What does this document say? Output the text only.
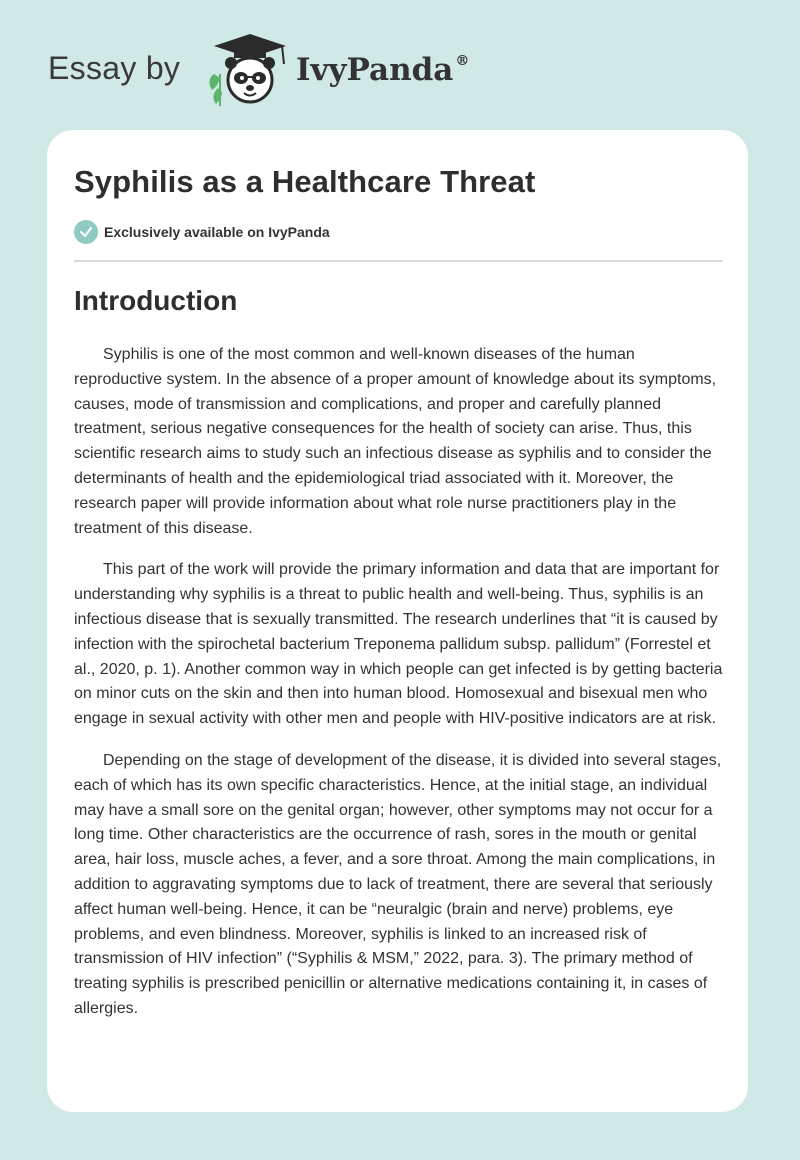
Essay by	IvyPanda ®
Syphilis as a Healthcare Threat
Exclusively available on IvyPanda
Introduction

Syphilis is one of the most common and well-known diseases of the human reproductive system. In the absence of a proper amount of knowledge about its symptoms, causes, mode of transmission and complications, and proper and carefully planned treatment, serious negative consequences for the health of society can arise. Thus, this scientific research aims to study such an infectious disease as syphilis and to consider the determinants of health and the epidemiological triad associated with it. Moreover, the research paper will provide information about what role nurse practitioners play in the treatment of this disease.

This part of the work will provide the primary information and data that are important for understanding why syphilis is a threat to public health and well-being. Thus, syphilis is an infectious disease that is sexually transmitted. The research underlines that “it is caused by infection with the spirochetal bacterium Treponema pallidum subsp. pallidum” (Forrestel et al., 2020, p. 1). Another common way in which people can get infected is by getting bacteria on minor cuts on the skin and then into human blood. Homosexual and bisexual men who engage in sexual activity with other men and people with HIV-positive indicators are at risk.

Depending on the stage of development of the disease, it is divided into several stages, each of which has its own specific characteristics. Hence, at the initial stage, an individual may have a small sore on the genital organ; however, other symptoms may not occur for a long time. Other characteristics are the occurrence of rash, sores in the mouth or genital area, hair loss, muscle aches, a fever, and a sore throat. Among the main complications, in addition to aggravating symptoms due to lack of treatment, there are several that seriously affect human well-being. Hence, it can be “neuralgic (brain and nerve) problems, eye problems, and even blindness. Moreover, syphilis is linked to an increased risk of transmission of HIV infection” (“Syphilis & MSM,” 2022, para. 3). The primary method of treating syphilis is prescribed penicillin or alternative medications containing it, in cases of allergies.
